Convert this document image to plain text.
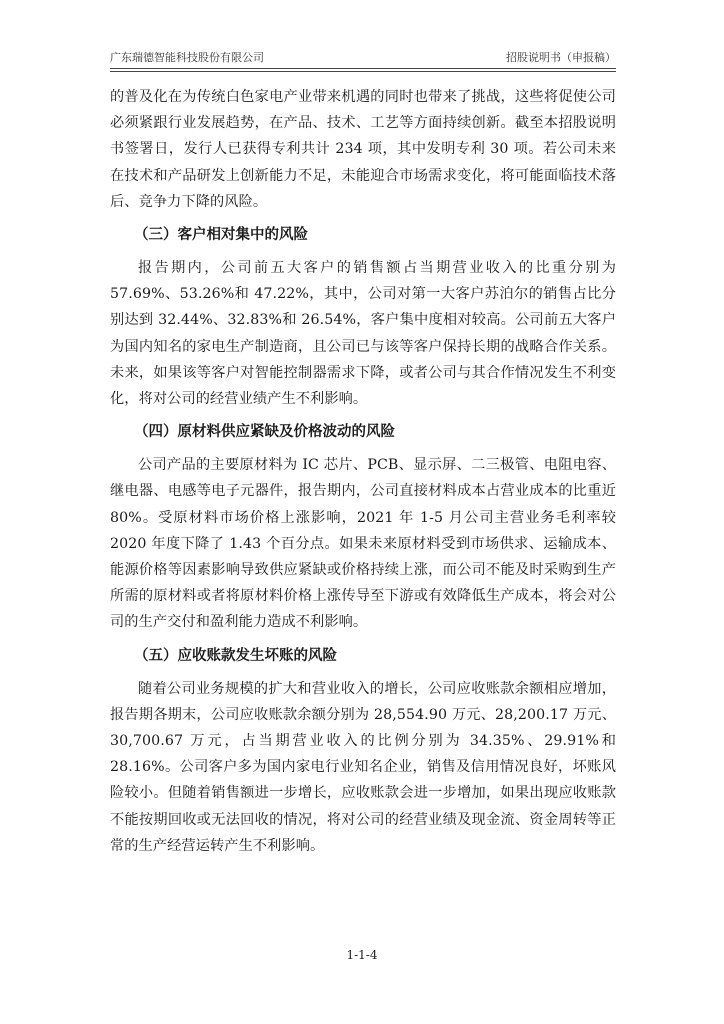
广东瑞德智能科技股份有限公司	招股说明书（申报稿）

的普及化在为传统白色家电产业带来机遇的同时也带来了挑战，这些将促使公司必须紧跟行业发展趋势，在产品、技术、工艺等方面持续创新。截至本招股说明书签署日，发行人已获得专利共计 234 项，其中发明专利 30 项。若公司未来在技术和产品研发上创新能力不足，未能迎合市场需求变化，将可能面临技术落后、竞争力下降的风险。

（三）客户相对集中的风险

报告期内，公司前五大客户的销售额占当期营业收入的比重分别为 57.69%、53.26%和 47.22%，其中，公司对第一大客户苏泊尔的销售占比分别达到 32.44%、32.83%和 26.54%，客户集中度相对较高。公司前五大客户为国内知名的家电生产制造商，且公司已与该等客户保持长期的战略合作关系。未来，如果该等客户对智能控制器需求下降，或者公司与其合作情况发生不利变化，将对公司的经营业绩产生不利影响。

（四）原材料供应紧缺及价格波动的风险

公司产品的主要原材料为 IC 芯片、PCB、显示屏、二三极管、电阻电容、继电器、电感等电子元器件，报告期内，公司直接材料成本占营业成本的比重近 80%。受原材料市场价格上涨影响，2021 年 1-5 月公司主营业务毛利率较 2020 年度下降了 1.43 个百分点。如果未来原材料受到市场供求、运输成本、能源价格等因素影响导致供应紧缺或价格持续上涨，而公司不能及时采购到生产所需的原材料或者将原材料价格上涨传导至下游或有效降低生产成本，将会对公司的生产交付和盈利能力造成不利影响。

（五）应收账款发生坏账的风险

随着公司业务规模的扩大和营业收入的增长，公司应收账款余额相应增加，报告期各期末，公司应收账款余额分别为 28,554.90 万元、28,200.17 万元、30,700.67 万元，占当期营业收入的比例分别为 34.35%、29.91%和 28.16%。公司客户多为国内家电行业知名企业，销售及信用情况良好，坏账风险较小。但随着销售额进一步增长，应收账款会进一步增加，如果出现应收账款不能按期回收或无法回收的情况，将对公司的经营业绩及现金流、资金周转等正常的生产经营运转产生不利影响。

1-1-4
